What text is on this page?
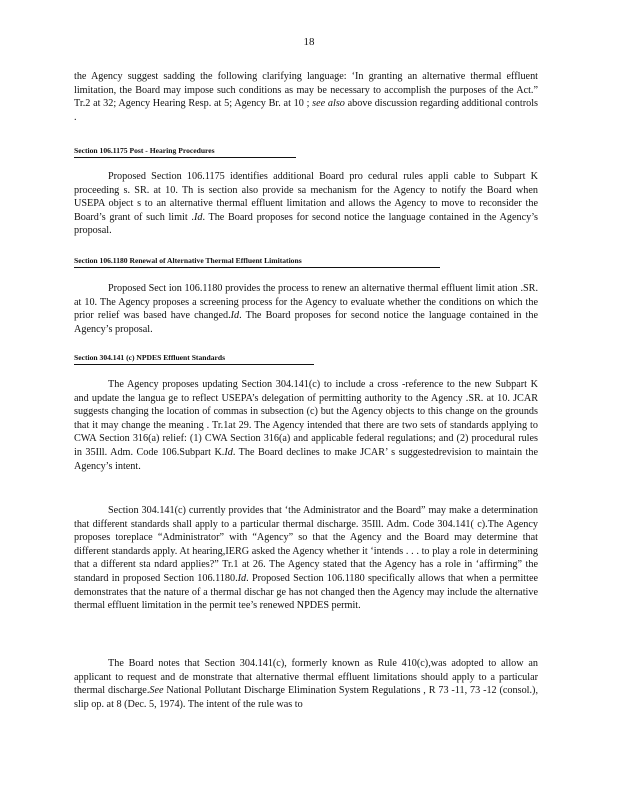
18

the Agency suggest sadding the following clarifying language: ‘In granting an alternative thermal effluent limitation, the Board may impose such conditions as may be necessary to accomplish the purposes of the Act.” Tr.2 at 32; Agency Hearing Resp. at 5; Agency Br. at 10 ; see also above discussion regarding additional controls .

Section 106.1175 Post - Hearing Procedures

Proposed Section 106.1175 identifies additional Board pro cedural rules appli cable to Subpart K proceeding s. SR. at 10. Th is section also provide sa mechanism for the Agency to notify the Board when USEPA object s to an alternative thermal effluent limitation and allows the Agency to move to reconsider the Board’s grant of such limit .Id. The Board proposes for second notice the language contained in the Agency’s proposal.

Section 106.1180 Renewal of Alternative Thermal Effluent Limitations

Proposed Sect ion 106.1180 provides the process to renew an alternative thermal effluent limit ation .SR. at 10. The Agency proposes a screening process for the Agency to evaluate whether the conditions on which the prior relief was based have changed.Id. The Board proposes for second notice the language contained in the Agency’s proposal.

Section 304.141 (c) NPDES Effluent Standards

The Agency proposes updating Section 304.141(c) to include a cross -reference to the new Subpart K and update the langua ge to reflect USEPA’s delegation of permitting authority to the Agency .SR. at 10. JCAR suggests changing the location of commas in subsection (c) but the Agency objects to this change on the grounds that it may change the meaning . Tr.1at 29. The Agency intended that there are two sets of standards applying to CWA Section 316(a) relief: (1) CWA Section 316(a) and applicable federal regulations; and (2) procedural rules in 35Ill. Adm. Code 106.Subpart K.Id. The Board declines to make JCAR’ s suggestedrevision to maintain the Agency’s intent.

Section 304.141(c) currently provides that ‘the Administrator and the Board” may make a determination that different standards shall apply to a particular thermal discharge. 35Ill. Adm. Code 304.141( c).The Agency proposes toreplace “Administrator” with “Agency” so that the Agency and the Board may determine that different standards apply. At hearing,IERG asked the Agency whether it ‘intends . . . to play a role in determining that a different sta ndard applies?” Tr.1 at 26. The Agency stated that the Agency has a role in ‘affirming” the standard in proposed Section 106.1180.Id. Proposed Section 106.1180 specifically allows that when a permittee demonstrates that the nature of a thermal dischar ge has not changed then the Agency may include the alternative thermal effluent limitation in the permit tee’s renewed NPDES permit.

The Board notes that Section 304.141(c), formerly known as Rule 410(c),was adopted to allow an applicant to request and de monstrate that alternative thermal effluent limitations should apply to a particular thermal discharge.See National Pollutant Discharge Elimination System Regulations , R 73 -11, 73 -12 (consol.), slip op. at 8 (Dec. 5, 1974). The intent of the rule was to
